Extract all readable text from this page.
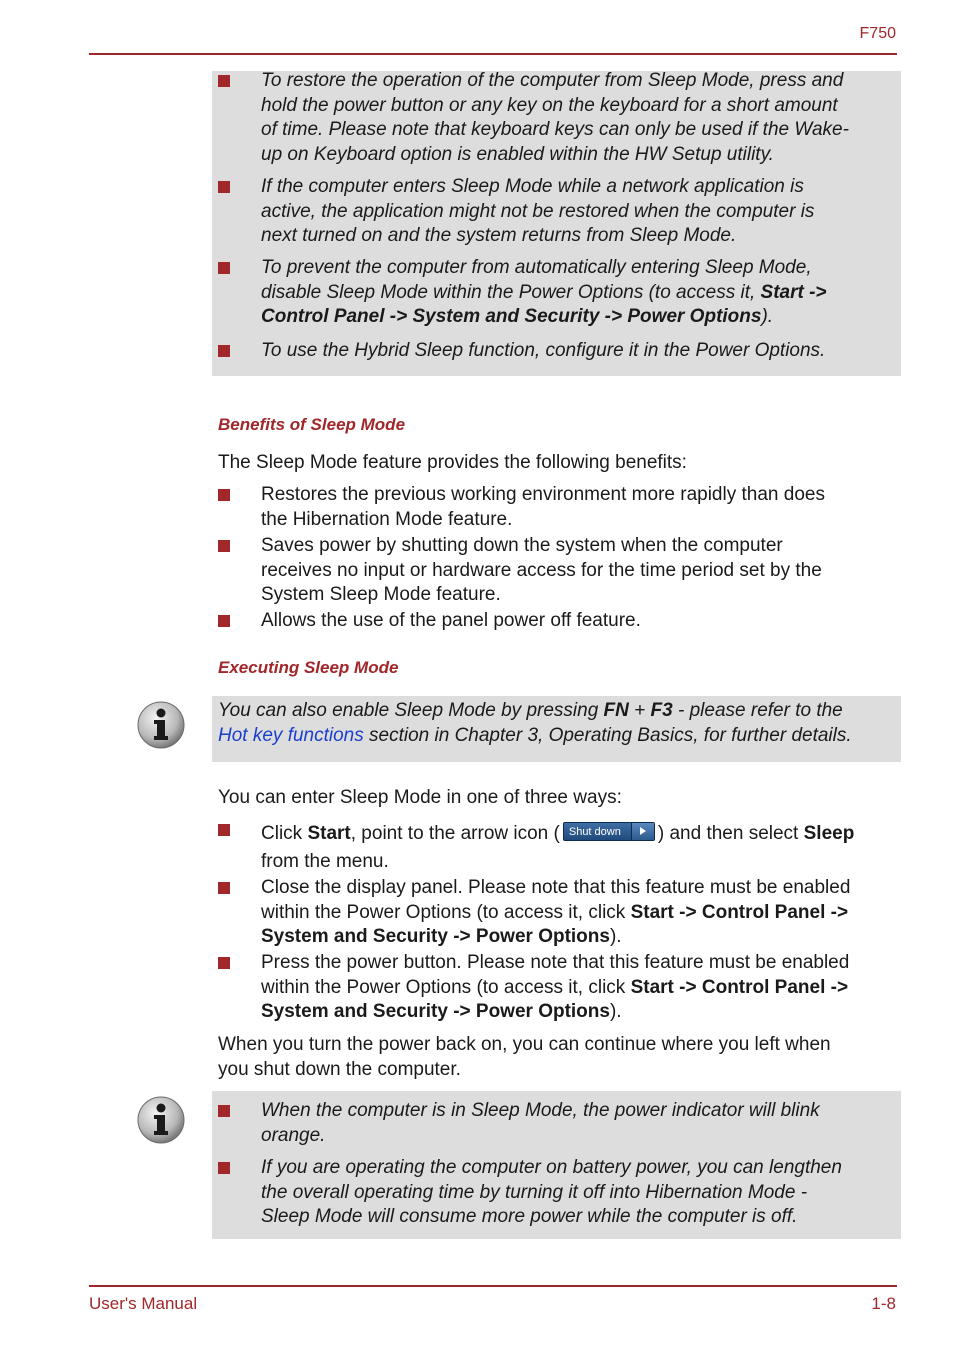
F750
To restore the operation of the computer from Sleep Mode, press and
hold the power button or any key on the keyboard for a short amount
of time. Please note that keyboard keys can only be used if the Wake-
up on Keyboard option is enabled within the HW Setup utility.
If the computer enters Sleep Mode while a network application is
active, the application might not be restored when the computer is
next turned on and the system returns from Sleep Mode.
To prevent the computer from automatically entering Sleep Mode,
disable Sleep Mode within the Power Options (to access it, Start ->
Control Panel -> System and Security -> Power Options).
To use the Hybrid Sleep function, configure it in the Power Options.
Benefits of Sleep Mode
The Sleep Mode feature provides the following benefits:
Restores the previous working environment more rapidly than does
the Hibernation Mode feature.
Saves power by shutting down the system when the computer
receives no input or hardware access for the time period set by the
System Sleep Mode feature.
Allows the use of the panel power off feature.
Executing Sleep Mode
You can also enable Sleep Mode by pressing FN + F3 - please refer to the
Hot key functions section in Chapter 3, Operating Basics, for further details.
You can enter Sleep Mode in one of three ways:
Click Start, point to the arrow icon ( Shut down ) and then select Sleep
from the menu.
Close the display panel. Please note that this feature must be enabled
within the Power Options (to access it, click Start -> Control Panel ->
System and Security -> Power Options).
Press the power button. Please note that this feature must be enabled
within the Power Options (to access it, click Start -> Control Panel ->
System and Security -> Power Options).
When you turn the power back on, you can continue where you left when
you shut down the computer.
When the computer is in Sleep Mode, the power indicator will blink
orange.
If you are operating the computer on battery power, you can lengthen
the overall operating time by turning it off into Hibernation Mode -
Sleep Mode will consume more power while the computer is off.
User's Manual	1-8
